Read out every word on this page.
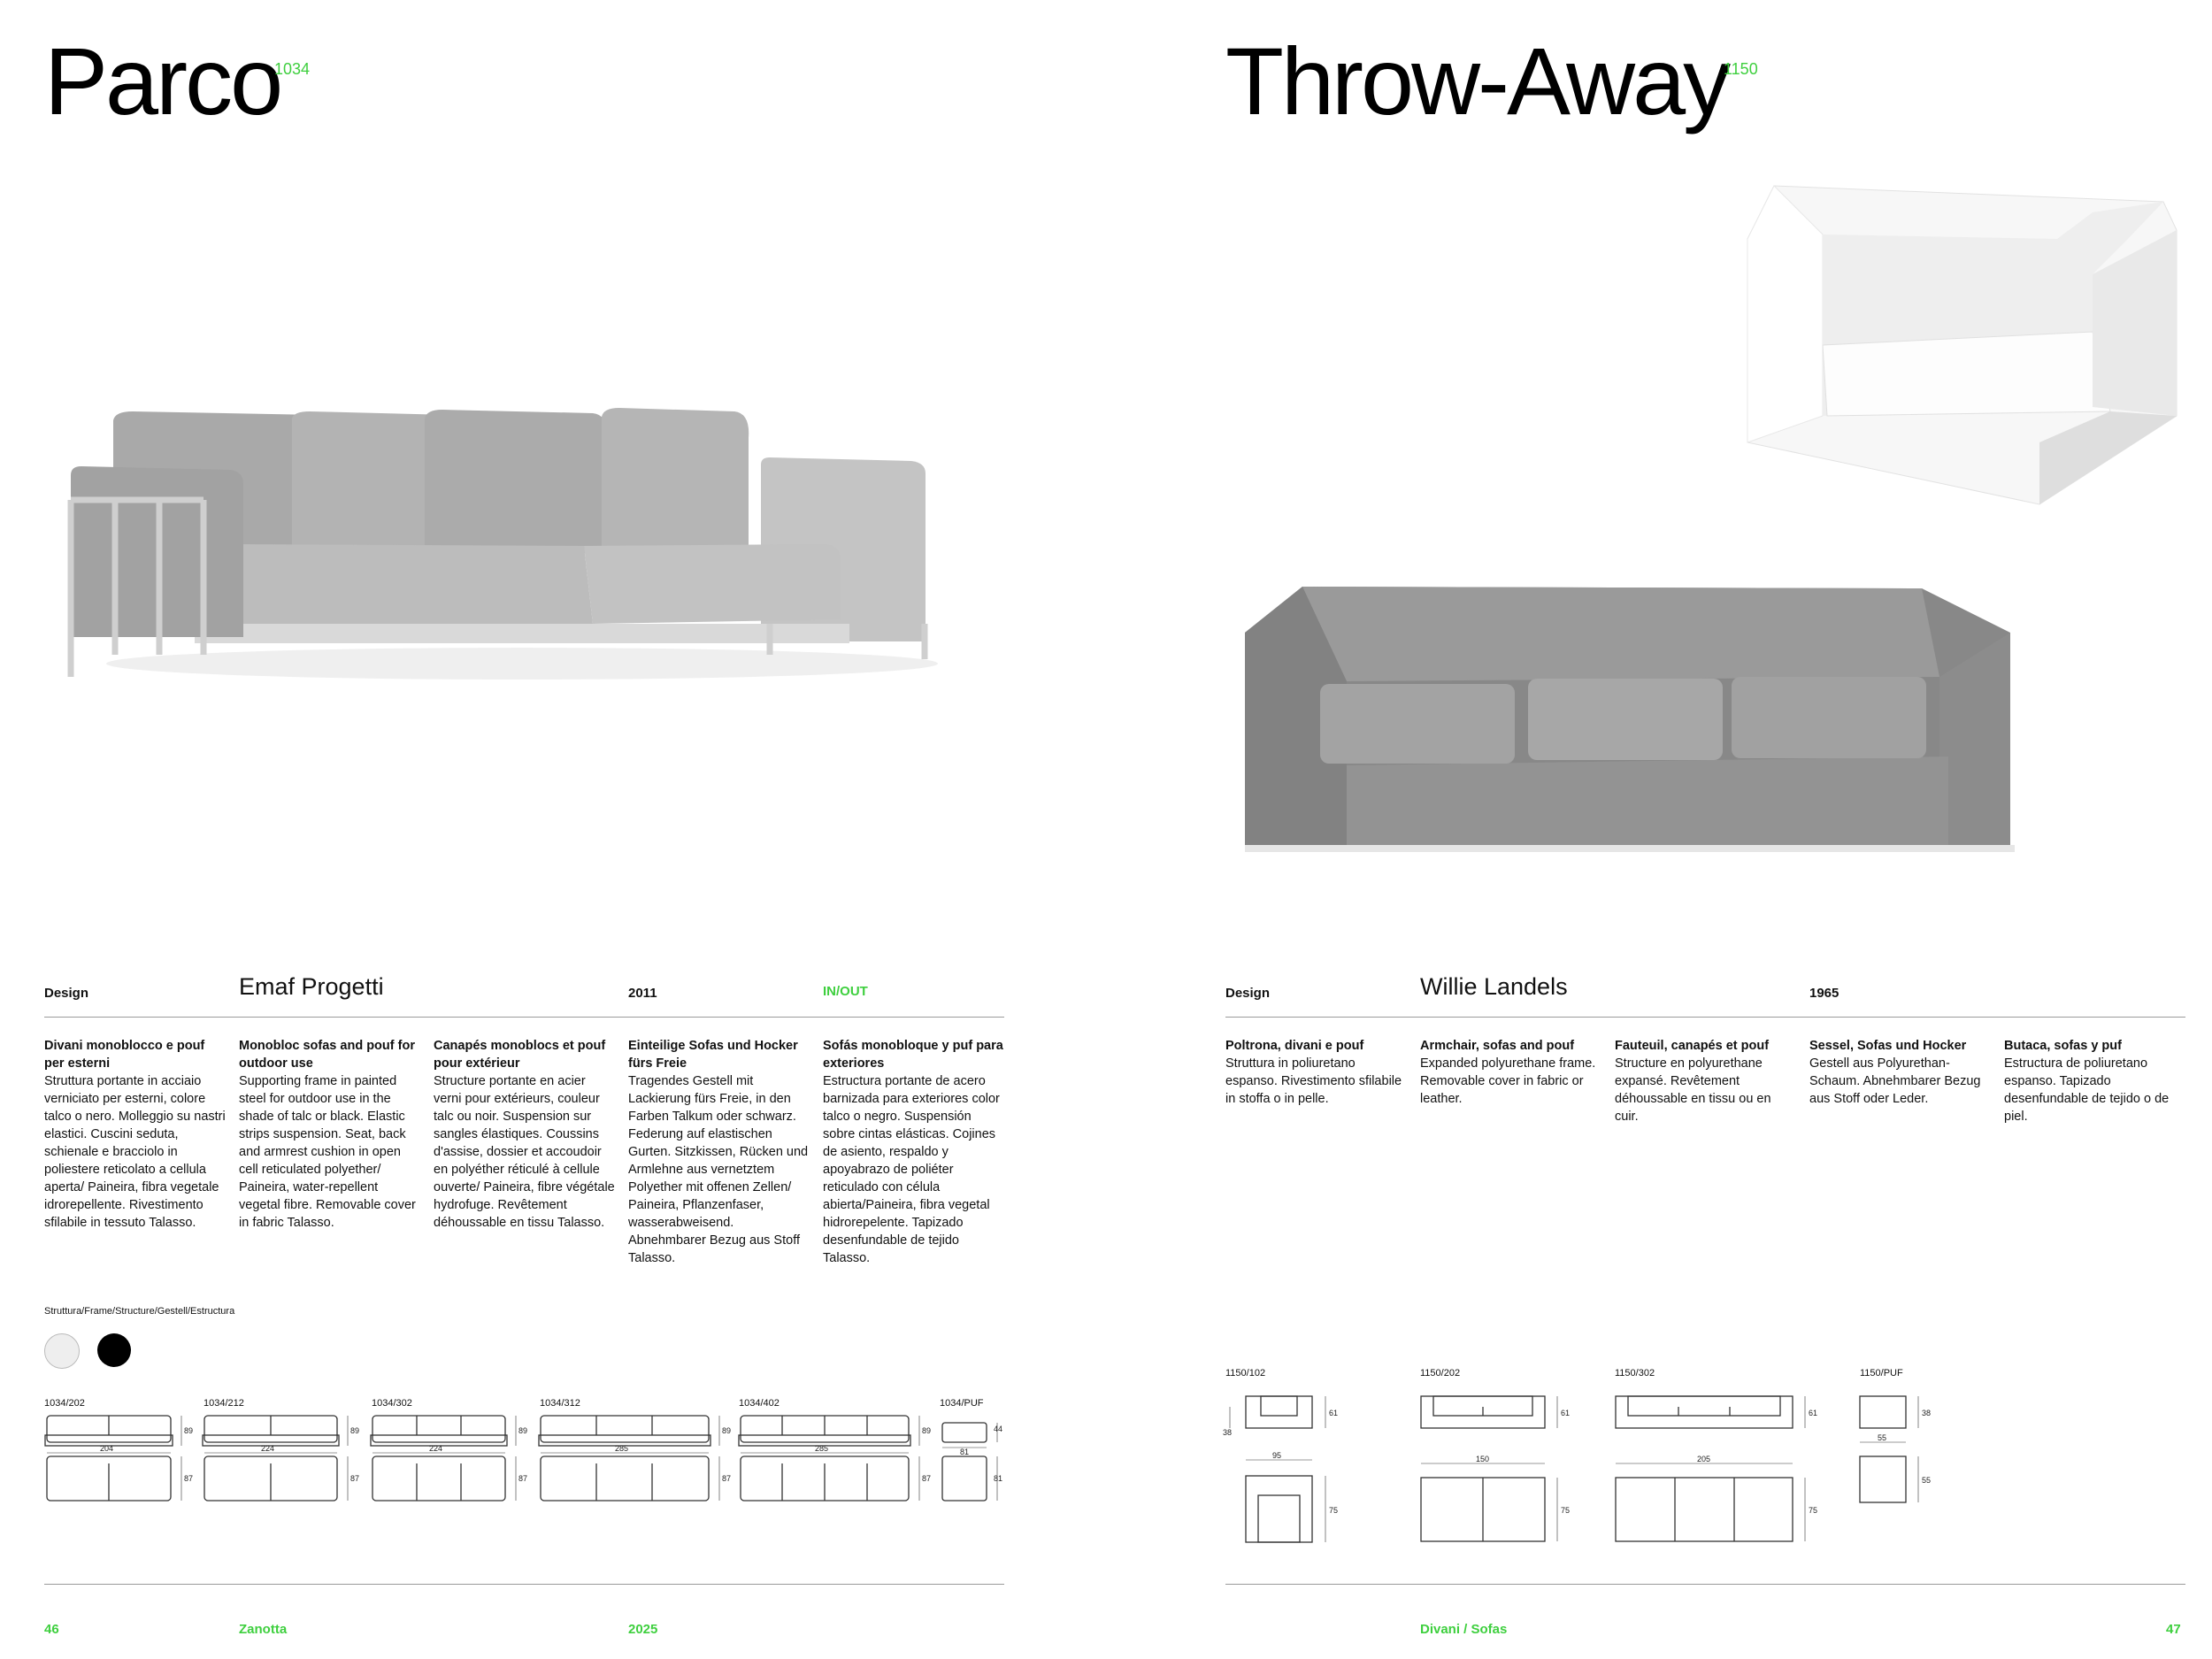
Parco
1034
Design	Emaf Progetti	2011	IN/OUT
Divani monoblocco e pouf per esterni
Struttura portante in acciaio verniciato per esterni, colore talco o nero. Molleggio su nastri elastici. Cuscini seduta, schienale e bracciolo in poliestere reticolato a cellula aperta/ Paineira, fibra vegetale idrorepellente. Rivestimento sfilabile in tessuto Talasso.
Monobloc sofas and pouf for outdoor use
Supporting frame in painted steel for outdoor use in the shade of talc or black. Elastic strips suspension. Seat, back and armrest cushion in open cell reticulated polyether/ Paineira, water-repellent vegetal fibre. Removable cover in fabric Talasso.
Canapés monoblocs et pouf pour extérieur
Structure portante en acier verni pour extérieurs, couleur talc ou noir. Suspension sur sangles élastiques. Coussins d'assise, dossier et accoudoir en polyéther réticulé à cellule ouverte/ Paineira, fibre végétale hydrofuge. Revêtement déhoussable en tissu Talasso.
Einteilige Sofas und Hocker fürs Freie
Tragendes Gestell mit Lackierung fürs Freie, in den Farben Talkum oder schwarz. Federung auf elastischen Gurten. Sitzkissen, Rücken und Armlehne aus vernetztem Polyether mit offenen Zellen/ Paineira, Pflanzenfaser, wasserabweisend. Abnehmbarer Bezug aus Stoff Talasso.
Sofás monobloque y puf para exteriores
Estructura portante de acero barnizada para exteriores color talco o negro. Suspensión sobre cintas elásticas. Cojines de asiento, respaldo y apoyabrazo de poliéter reticulado con célula abierta/Paineira, fibra vegetal hidrorepelente. Tapizado desenfundable de tejido Talasso.
Struttura/Frame/Structure/Gestell/Estructura
1034/202	1034/212	1034/302	1034/312	1034/402	1034/PUF
204
89
87
224
89
87
224
89
87
285
89
87
285
89
87
81
44
81
46	Zanotta	2025
Throw-Away
1150
Design	Willie Landels	1965
Poltrona, divani e pouf
Struttura in poliuretano espanso. Rivestimento sfilabile in stoffa o in pelle.
Armchair, sofas and pouf
Expanded polyurethane frame. Removable cover in fabric or leather.
Fauteuil, canapés et pouf
Structure en polyurethane expansé. Revêtement déhoussable en tissu ou en cuir.
Sessel, Sofas und Hocker
Gestell aus Polyurethan-Schaum. Abnehmbarer Bezug aus Stoff oder Leder.
Butaca, sofas y puf
Estructura de poliuretano espanso. Tapizado desenfundable de tejido o de piel.
1150/102	1150/202	1150/302	1150/PUF
38
61
95
75
61
150
75
61
205
75
38
55
55
Divani / Sofas	47
